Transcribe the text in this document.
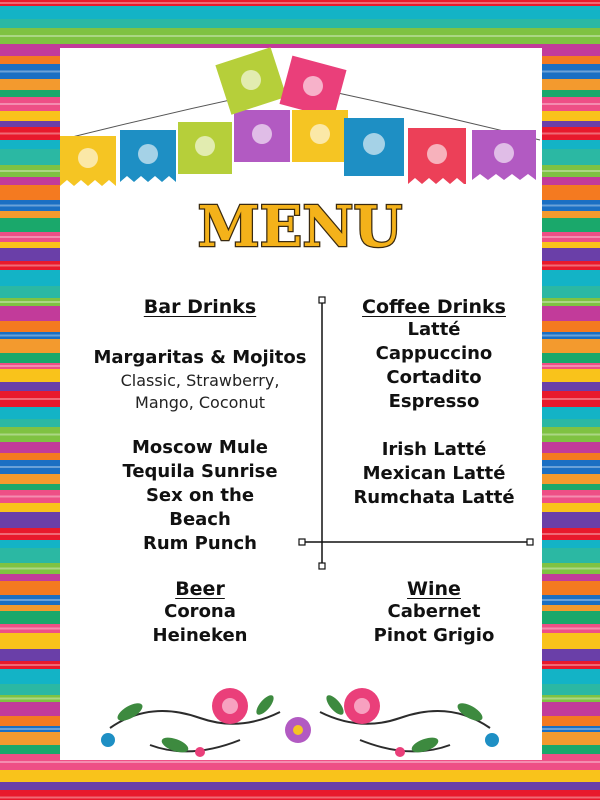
MENU
Bar Drinks
Margaritas & Mojitos
Classic, Strawberry,
Mango, Coconut
Moscow Mule
Tequila Sunrise
Sex on the
Beach
Rum Punch
Coffee Drinks
Latté
Cappuccino
Cortadito
Espresso
Irish Latté
Mexican Latté
Rumchata Latté
Beer
Corona
Heineken
Wine
Cabernet
Pinot Grigio
